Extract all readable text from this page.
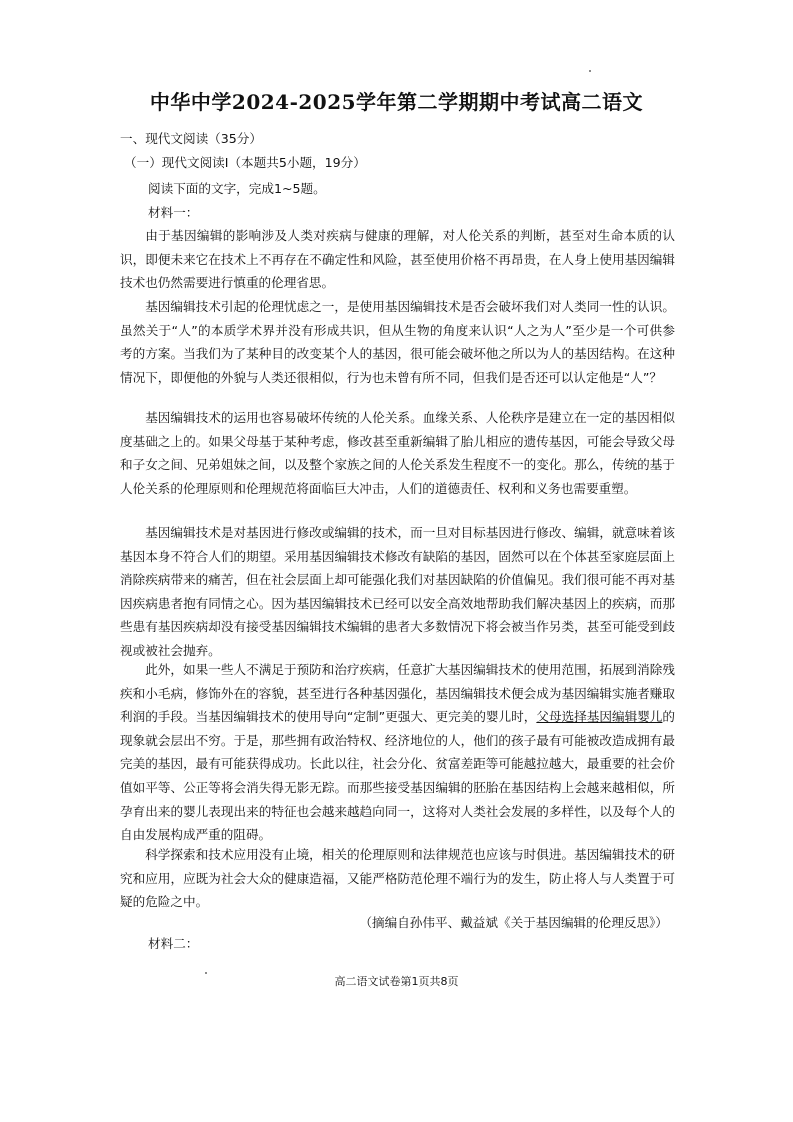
中华中学2024-2025学年第二学期期中考试高二语文
一、现代文阅读（35分）
（一）现代文阅读Ⅰ（本题共5小题，19分）
阅读下面的文字，完成1~5题。
材料一：

由于基因编辑的影响涉及人类对疾病与健康的理解，对人伦关系的判断，甚至对生命本质的认识，即便未来它在技术上不再存在不确定性和风险，甚至使用价格不再昂贵，在人身上使用基因编辑技术也仍然需要进行慎重的伦理省思。

基因编辑技术引起的伦理忧虑之一，是使用基因编辑技术是否会破坏我们对人类同一性的认识。虽然关于“人”的本质学术界并没有形成共识，但从生物的角度来认识“人之为人”至少是一个可供参考的方案。当我们为了某种目的改变某个人的基因，很可能会破坏他之所以为人的基因结构。在这种情况下，即便他的外貌与人类还很相似，行为也未曾有所不同，但我们是否还可以认定他是“人”？

基因编辑技术的运用也容易破坏传统的人伦关系。血缘关系、人伦秩序是建立在一定的基因相似度基础之上的。如果父母基于某种考虑，修改甚至重新编辑了胎儿相应的遗传基因，可能会导致父母和子女之间、兄弟姐妹之间，以及整个家族之间的人伦关系发生程度不一的变化。那么，传统的基于人伦关系的伦理原则和伦理规范将面临巨大冲击，人们的道德责任、权利和义务也需要重塑。

基因编辑技术是对基因进行修改或编辑的技术，而一旦对目标基因进行修改、编辑，就意味着该基因本身不符合人们的期望。采用基因编辑技术修改有缺陷的基因，固然可以在个体甚至家庭层面上消除疾病带来的痛苦，但在社会层面上却可能强化我们对基因缺陷的价值偏见。我们很可能不再对基因疾病患者抱有同情之心。因为基因编辑技术已经可以安全高效地帮助我们解决基因上的疾病，而那些患有基因疾病却没有接受基因编辑技术编辑的患者大多数情况下将会被当作另类，甚至可能受到歧视或被社会抛弃。

此外，如果一些人不满足于预防和治疗疾病，任意扩大基因编辑技术的使用范围，拓展到消除残疾和小毛病，修饰外在的容貌，甚至进行各种基因强化，基因编辑技术便会成为基因编辑实施者赚取利润的手段。当基因编辑技术的使用导向“定制”更强大、更完美的婴儿时，父母选择基因编辑婴儿的现象就会层出不穷。于是，那些拥有政治特权、经济地位的人，他们的孩子最有可能被改造成拥有最完美的基因，最有可能获得成功。长此以往，社会分化、贫富差距等可能越拉越大，最重要的社会价值如平等、公正等将会消失得无影无踪。而那些接受基因编辑的胚胎在基因结构上会越来越相似，所孕育出来的婴儿表现出来的特征也会越来越趋向同一，这将对人类社会发展的多样性，以及每个人的自由发展构成严重的阻碍。

科学探索和技术应用没有止境，相关的伦理原则和法律规范也应该与时俱进。基因编辑技术的研究和应用，应既为社会大众的健康造福，又能严格防范伦理不端行为的发生，防止将人与人类置于可疑的危险之中。

（摘编自孙伟平、戴益斌《关于基因编辑的伦理反思》）
材料二：
高二语文试卷第1页共8页
